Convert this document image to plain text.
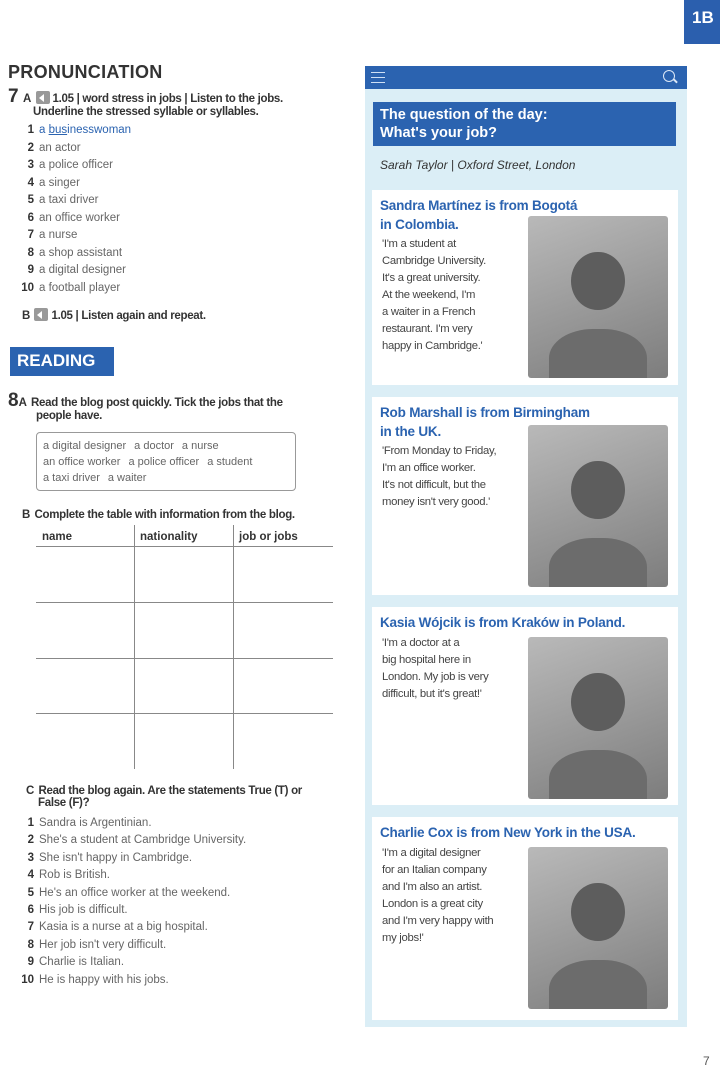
1B
PRONUNCIATION
7 A 1.05 | word stress in jobs | Listen to the jobs.
Underline the stressed syllable or syllables.
1 a businesswoman
2 an actor
3 a police officer
4 a singer
5 a taxi driver
6 an office worker
7 a nurse
8 a shop assistant
9 a digital designer
10 a football player
B 1.05 | Listen again and repeat.
READING
8A Read the blog post quickly. Tick the jobs that the
people have.
a digital designer a doctor a nurse
an office worker a police officer a student
a taxi driver a waiter
B Complete the table with information from the blog.
name	nationality	job or jobs
C Read the blog again. Are the statements True (T) or
False (F)?
1 Sandra is Argentinian.
2 She's a student at Cambridge University.
3 She isn't happy in Cambridge.
4 Rob is British.
5 He's an office worker at the weekend.
6 His job is difficult.
7 Kasia is a nurse at a big hospital.
8 Her job isn't very difficult.
9 Charlie is Italian.
10 He is happy with his jobs.
The question of the day:
What's your job?
Sarah Taylor | Oxford Street, London
Sandra Martínez is from Bogotá
in Colombia.

'I'm a student at
Cambridge University.
It's a great university.
At the weekend, I'm
a waiter in a French
restaurant. I'm very
happy in Cambridge.'

Rob Marshall is from Birmingham
in the UK.

'From Monday to Friday,
I'm an office worker.
It's not difficult, but the
money isn't very good.'

Kasia Wójcik is from Kraków in Poland.

'I'm a doctor at a
big hospital here in
London. My job is very
difficult, but it's great!'

Charlie Cox is from New York in the USA.

'I'm a digital designer
for an Italian company
and I'm also an artist.
London is a great city
and I'm very happy with
my jobs!'

7
